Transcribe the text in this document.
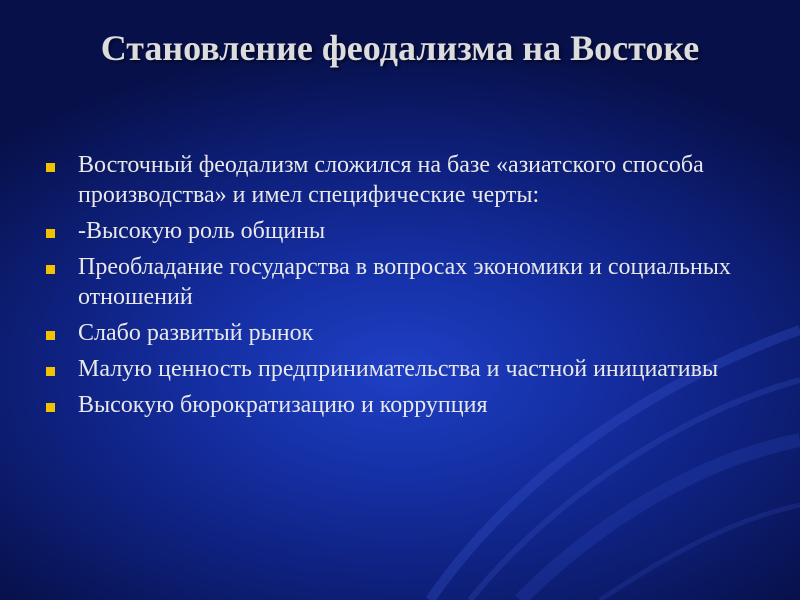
Становление феодализма на Востоке
Восточный феодализм сложился на базе «азиатского способа производства» и имел специфические черты:
-Высокую роль общины
Преобладание государства в вопросах экономики и социальных отношений
Слабо развитый рынок
Малую ценность предпринимательства и частной инициативы
Высокую бюрократизацию и коррупция
